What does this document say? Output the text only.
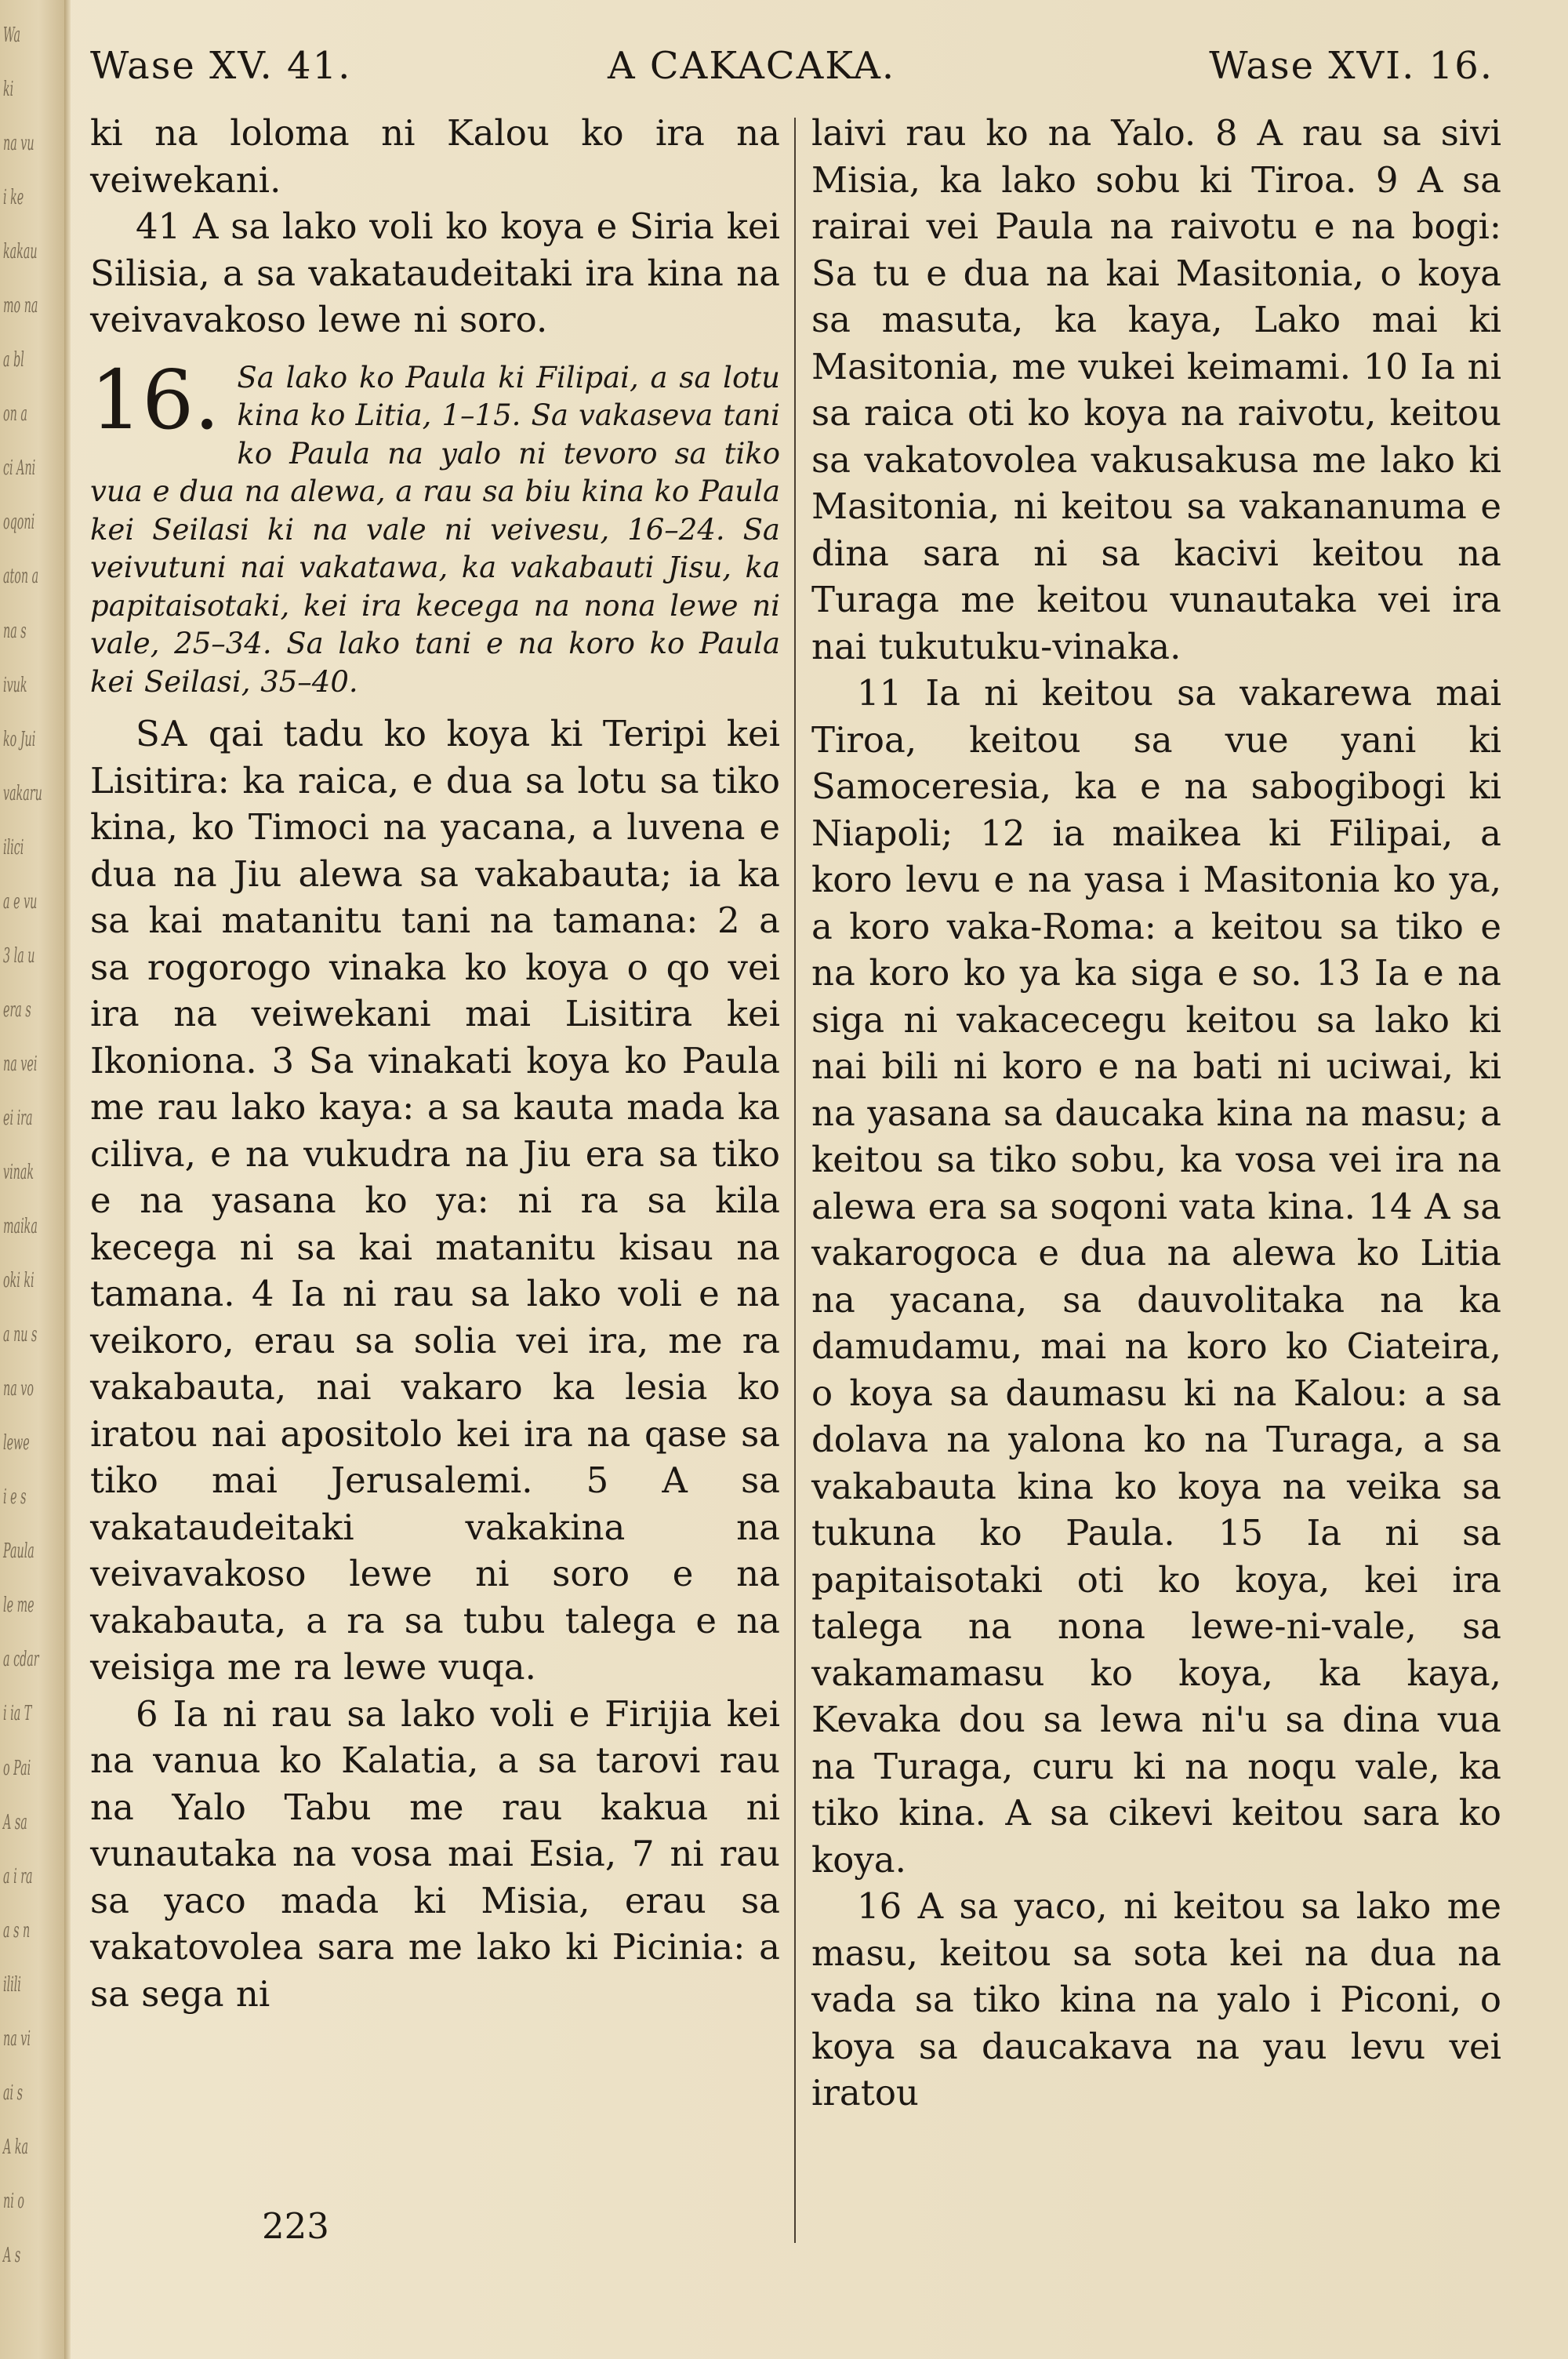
Wa
ki
na vu
i ke
kakau
mo na
a bl
on a
ci Ani
oqoni
aton a
na s
ivuk
ko Jui
vakaru
ilici
a e vu
3 la u
era s
na vei
ei ira
vinak
maika
oki ki
a nu s
na vo
lewe
i e s
Paula
le me
a cdar
i ia T
o Pai
A sa
a i ra
a s n
ilili
na vi
ai s
A ka
ni o
A s
Wase XV. 41.	A CAKACAKA.	Wase XVI. 16.

ki na loloma ni Kalou ko ira na veiwekani.

41 A sa lako voli ko koya e Siria kei Silisia, a sa vakataudeitaki ira kina na veivavakoso lewe ni soro.

16. Sa lako ko Paula ki Filipai, a sa lotu kina ko Litia, 1–15. Sa vakaseva tani ko Paula na yalo ni tevoro sa tiko vua e dua na alewa, a rau sa biu kina ko Paula kei Seilasi ki na vale ni veivesu, 16–24. Sa veivutuni nai vakatawa, ka vakabauti Jisu, ka papitaisotaki, kei ira kecega na nona lewe ni vale, 25–34. Sa lako tani e na koro ko Paula kei Seilasi, 35–40.

SA qai tadu ko koya ki Teripi kei Lisitira: ka raica, e dua sa lotu sa tiko kina, ko Timoci na yacana, a luvena e dua na Jiu alewa sa vakabauta; ia ka sa kai matanitu tani na tamana: 2 a sa rogorogo vinaka ko koya o qo vei ira na veiwekani mai Lisitira kei Ikoniona. 3 Sa vinakati koya ko Paula me rau lako kaya: a sa kauta mada ka ciliva, e na vukudra na Jiu era sa tiko e na yasana ko ya: ni ra sa kila kecega ni sa kai matanitu kisau na tamana. 4 Ia ni rau sa lako voli e na veikoro, erau sa solia vei ira, me ra vakabauta, nai vakaro ka lesia ko iratou nai apositolo kei ira na qase sa tiko mai Jerusalemi. 5 A sa vakataudeitaki vakakina na veivavakoso lewe ni soro e na vakabauta, a ra sa tubu talega e na veisiga me ra lewe vuqa.

6 Ia ni rau sa lako voli e Firijia kei na vanua ko Kalatia, a sa tarovi rau na Yalo Tabu me rau kakua ni vunautaka na vosa mai Esia, 7 ni rau sa yaco mada ki Misia, erau sa vakatovolea sara me lako ki Picinia: a sa sega ni

laivi rau ko na Yalo. 8 A rau sa sivi Misia, ka lako sobu ki Tiroa. 9 A sa rairai vei Paula na raivotu e na bogi: Sa tu e dua na kai Masitonia, o koya sa masuta, ka kaya, Lako mai ki Masitonia, me vukei keimami. 10 Ia ni sa raica oti ko koya na raivotu, keitou sa vakatovolea vakusakusa me lako ki Masitonia, ni keitou sa vakananuma e dina sara ni sa kacivi keitou na Turaga me keitou vunautaka vei ira nai tukutuku-vinaka.

11 Ia ni keitou sa vakarewa mai Tiroa, keitou sa vue yani ki Samoceresia, ka e na sabogibogi ki Niapoli; 12 ia maikea ki Filipai, a koro levu e na yasa i Masitonia ko ya, a koro vaka-Roma: a keitou sa tiko e na koro ko ya ka siga e so. 13 Ia e na siga ni vakacecegu keitou sa lako ki nai bili ni koro e na bati ni uciwai, ki na yasana sa daucaka kina na masu; a keitou sa tiko sobu, ka vosa vei ira na alewa era sa soqoni vata kina. 14 A sa vakarogoca e dua na alewa ko Litia na yacana, sa dauvolitaka na ka damudamu, mai na koro ko Ciateira, o koya sa daumasu ki na Kalou: a sa dolava na yalona ko na Turaga, a sa vakabauta kina ko koya na veika sa tukuna ko Paula. 15 Ia ni sa papitaisotaki oti ko koya, kei ira talega na nona lewe-ni-vale, sa vakamamasu ko koya, ka kaya, Kevaka dou sa lewa ni'u sa dina vua na Turaga, curu ki na noqu vale, ka tiko kina. A sa cikevi keitou sara ko koya.

16 A sa yaco, ni keitou sa lako me masu, keitou sa sota kei na dua na vada sa tiko kina na yalo i Piconi, o koya sa daucakava na yau levu vei iratou

223
